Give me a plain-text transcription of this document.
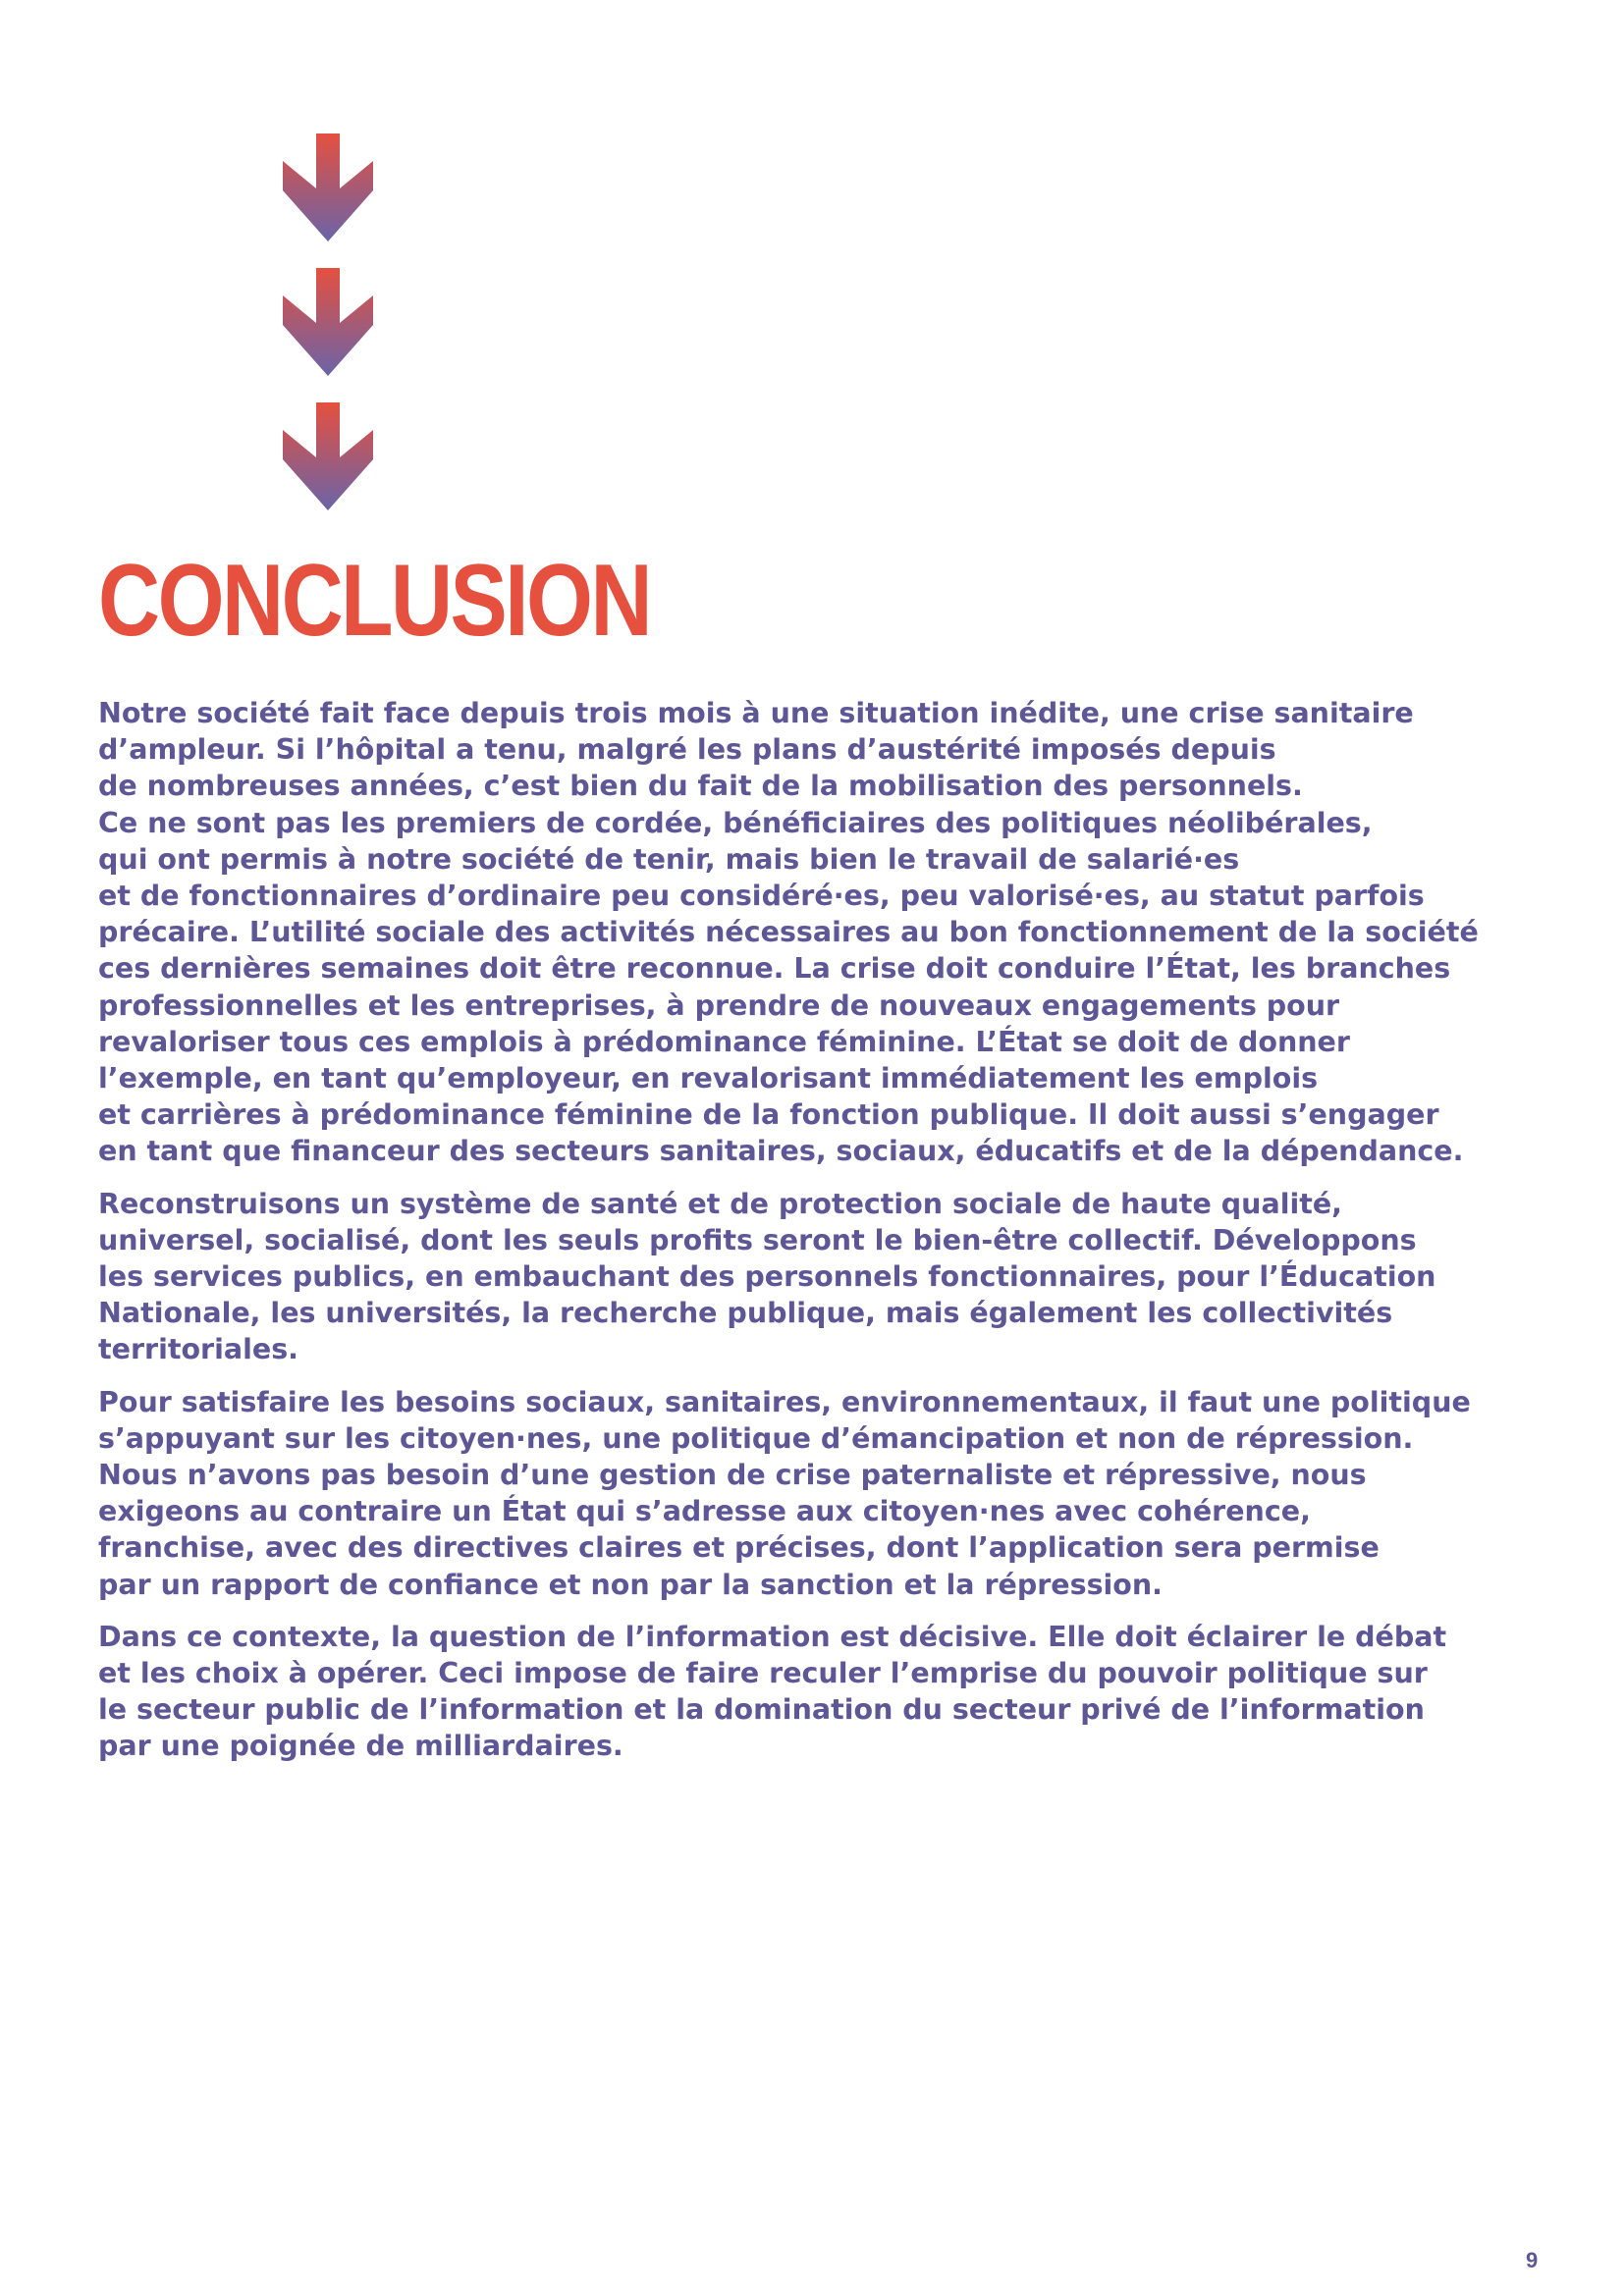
CONCLUSION

Notre société fait face depuis trois mois à une situation inédite, une crise sanitaire
d’ampleur. Si l’hôpital a tenu, malgré les plans d’austérité imposés depuis
de nombreuses années, c’est bien du fait de la mobilisation des personnels.
Ce ne sont pas les premiers de cordée, bénéficiaires des politiques néolibérales,
qui ont permis à notre société de tenir, mais bien le travail de salarié·es
et de fonctionnaires d’ordinaire peu considéré·es, peu valorisé·es, au statut parfois
précaire. L’utilité sociale des activités nécessaires au bon fonctionnement de la société
ces dernières semaines doit être reconnue. La crise doit conduire l’État, les branches
professionnelles et les entreprises, à prendre de nouveaux engagements pour
revaloriser tous ces emplois à prédominance féminine. L’État se doit de donner
l’exemple, en tant qu’employeur, en revalorisant immédiatement les emplois
et carrières à prédominance féminine de la fonction publique. Il doit aussi s’engager
en tant que financeur des secteurs sanitaires, sociaux, éducatifs et de la dépendance.

Reconstruisons un système de santé et de protection sociale de haute qualité,
universel, socialisé, dont les seuls profits seront le bien-être collectif. Développons
les services publics, en embauchant des personnels fonctionnaires, pour l’Éducation
Nationale, les universités, la recherche publique, mais également les collectivités
territoriales.

Pour satisfaire les besoins sociaux, sanitaires, environnementaux, il faut une politique
s’appuyant sur les citoyen·nes, une politique d’émancipation et non de répression.
Nous n’avons pas besoin d’une gestion de crise paternaliste et répressive, nous
exigeons au contraire un État qui s’adresse aux citoyen·nes avec cohérence,
franchise, avec des directives claires et précises, dont l’application sera permise
par un rapport de confiance et non par la sanction et la répression.

Dans ce contexte, la question de l’information est décisive. Elle doit éclairer le débat
et les choix à opérer. Ceci impose de faire reculer l’emprise du pouvoir politique sur
le secteur public de l’information et la domination du secteur privé de l’information
par une poignée de milliardaires.

9
